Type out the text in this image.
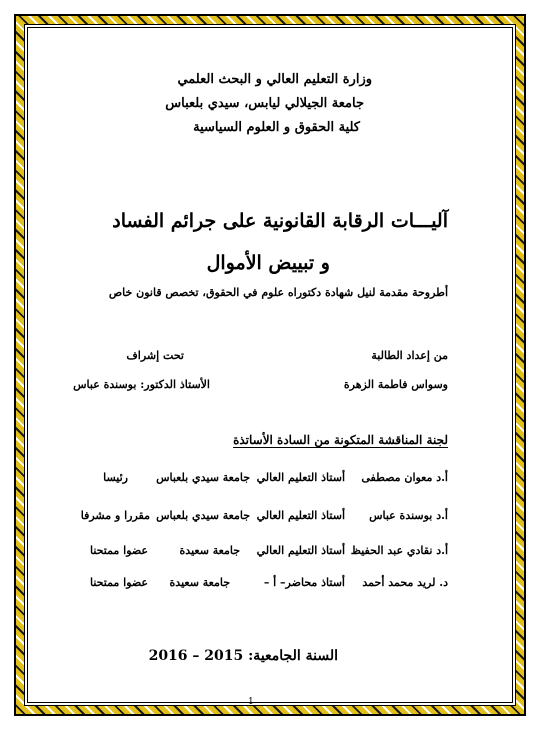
وزارة التعليم العالي و البحث العلمي
جامعة الجيلالي ليابس، سيدي بلعباس
كلية الحقوق و العلوم السياسية
آليـــات الرقابة القانونية على جرائم الفساد
و تبييض الأموال
أطروحة مقدمة لنيل شهادة دكتوراه علوم في الحقوق، تخصص قانون خاص
من إعداد الطالبة
تحت إشراف
وسواس فاطمة الزهرة
الأستاذ الدكتور: بوسندة عباس
لجنة المناقشة المتكونة من السادة الأساتذة
أ.د معوان مصطفى
أستاذ التعليم العالي
جامعة سيدي بلعباس
رئيسا
أ.د بوسندة عباس
أستاذ التعليم العالي
جامعة سيدي بلعباس
مقررا و مشرفا
أ.د نقادي عبد الحفيظ
أستاذ التعليم العالي
جامعة سعيدة
عضوا ممتحنا
د. لريد محمد أحمد
أستاذ محاضر– أ –
جامعة سعيدة
عضوا ممتحنا
السنة الجامعية: 2015 – 2016
1
